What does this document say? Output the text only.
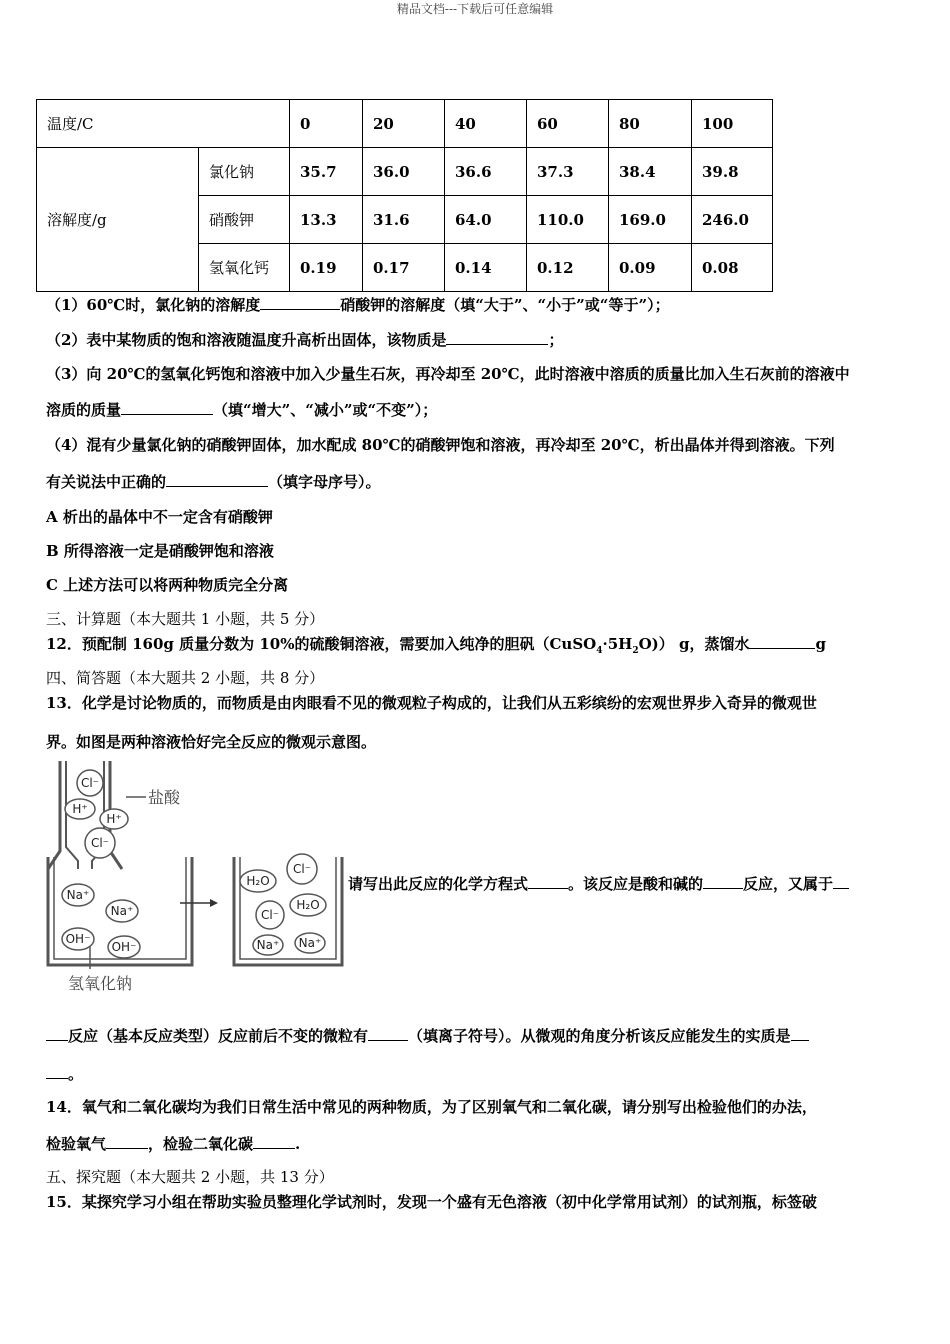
精品文档---下载后可任意编辑
温度/C		0	20	40	60	80	100
溶解度/g	氯化钠	35.7	36.0	36.6	37.3	38.4	39.8
	硝酸钾	13.3	31.6	64.0	110.0	169.0	246.0
	氢氧化钙	0.19	0.17	0.14	0.12	0.09	0.08
（1）60℃时，氯化钠的溶解度	硝酸钾的溶解度（填“大于”、“小于”或“等于”）；
（2）表中某物质的饱和溶液随温度升高析出固体，该物质是	；
（3）向 20℃的氢氧化钙饱和溶液中加入少量生石灰，再冷却至 20℃，此时溶液中溶质的质量比加入生石灰前的溶液中
溶质的质量	（填“增大”、“减小”或“不变”）；
（4）混有少量氯化钠的硝酸钾固体，加水配成 80℃的硝酸钾饱和溶液，再冷却至 20℃，析出晶体并得到溶液。下列
有关说法中正确的	（填字母序号）。
A 析出的晶体中不一定含有硝酸钾
B 所得溶液一定是硝酸钾饱和溶液
C 上述方法可以将两种物质完全分离
三、计算题（本大题共 1 小题，共 5 分）
12．预配制 160g 质量分数为 10%的硫酸铜溶液，需要加入纯净的胆矾$(CuSO_4\cdot 5H_2O)$） g，蒸馏水	g
四、简答题（本大题共 2 小题，共 8 分）
13．化学是讨论物质的，而物质是由肉眼看不见的微观粒子构成的，让我们从五彩缤纷的宏观世界步入奇异的微观世
界。如图是两种溶液恰好完全反应的微观示意图。
Cl⁻
H⁺
H⁺
Cl⁻
Na⁺
Na⁺
OH⁻
OH⁻
H₂O
Cl⁻
H₂O
Cl⁻
Na⁺ Na⁺
盐酸
氢氧化钠
请写出此反应的化学方程式	。该反应是酸和碱的	反应，又属于
反应（基本反应类型）反应前后不变的微粒有	（填离子符号）。从微观的角度分析该反应能发生的实质是
。
14．氧气和二氧化碳均为我们日常生活中常见的两种物质，为了区别氧气和二氧化碳，请分别写出检验他们的办法，
检验氧气	，检验二氧化碳	.
五、探究题（本大题共 2 小题，共 13 分）
15．某探究学习小组在帮助实验员整理化学试剂时，发现一个盛有无色溶液（初中化学常用试剂）的试剂瓶，标签破
